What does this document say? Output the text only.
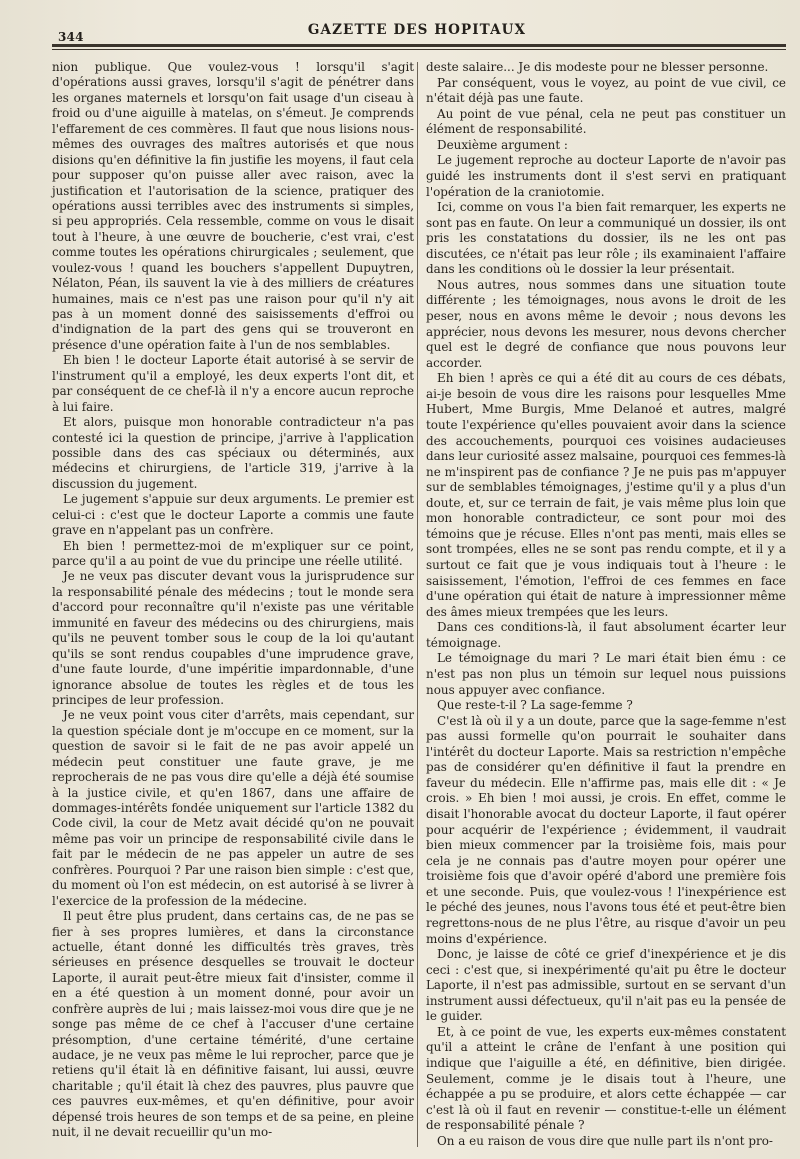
344	GAZETTE DES HOPITAUX

nion publique. Que voulez-vous ! lorsqu'il s'agit d'opérations aussi graves, lorsqu'il s'agit de pénétrer dans les organes maternels et lorsqu'on fait usage d'un ciseau à froid ou d'une aiguille à matelas, on s'émeut. Je comprends l'effarement de ces commères. Il faut que nous lisions nous-mêmes des ouvrages des maîtres autorisés et que nous disions qu'en définitive la fin justifie les moyens, il faut cela pour supposer qu'on puisse aller avec raison, avec la justification et l'autorisation de la science, pratiquer des opérations aussi terribles avec des instruments si simples, si peu appropriés. Cela ressemble, comme on vous le disait tout à l'heure, à une œuvre de boucherie, c'est vrai, c'est comme toutes les opérations chirurgicales ; seulement, que voulez-vous ! quand les bouchers s'appellent Dupuytren, Nélaton, Péan, ils sauvent la vie à des milliers de créatures humaines, mais ce n'est pas une raison pour qu'il n'y ait pas à un moment donné des saisissements d'effroi ou d'indignation de la part des gens qui se trouveront en présence d'une opération faite à l'un de nos semblables.

Eh bien ! le docteur Laporte était autorisé à se servir de l'instrument qu'il a employé, les deux experts l'ont dit, et par conséquent de ce chef-là il n'y a encore aucun reproche à lui faire.

Et alors, puisque mon honorable contradicteur n'a pas contesté ici la question de principe, j'arrive à l'application possible dans des cas spéciaux ou déterminés, aux médecins et chirurgiens, de l'article 319, j'arrive à la discussion du jugement.

Le jugement s'appuie sur deux arguments. Le premier est celui-ci : c'est que le docteur Laporte a commis une faute grave en n'appelant pas un confrère.

Eh bien ! permettez-moi de m'expliquer sur ce point, parce qu'il a au point de vue du principe une réelle utilité.

Je ne veux pas discuter devant vous la jurisprudence sur la responsabilité pénale des médecins ; tout le monde sera d'accord pour reconnaître qu'il n'existe pas une véritable immunité en faveur des médecins ou des chirurgiens, mais qu'ils ne peuvent tomber sous le coup de la loi qu'autant qu'ils se sont rendus coupables d'une imprudence grave, d'une faute lourde, d'une impéritie impardonnable, d'une ignorance absolue de toutes les règles et de tous les principes de leur profession.

Je ne veux point vous citer d'arrêts, mais cependant, sur la question spéciale dont je m'occupe en ce moment, sur la question de savoir si le fait de ne pas avoir appelé un médecin peut constituer une faute grave, je me reprocherais de ne pas vous dire qu'elle a déjà été soumise à la justice civile, et qu'en 1867, dans une affaire de dommages-intérêts fondée uniquement sur l'article 1382 du Code civil, la cour de Metz avait décidé qu'on ne pouvait même pas voir un principe de responsabilité civile dans le fait par le médecin de ne pas appeler un autre de ses confrères. Pourquoi ? Par une raison bien simple : c'est que, du moment où l'on est médecin, on est autorisé à se livrer à l'exercice de la profession de la médecine.

Il peut être plus prudent, dans certains cas, de ne pas se fier à ses propres lumières, et dans la circonstance actuelle, étant donné les difficultés très graves, très sérieuses en présence desquelles se trouvait le docteur Laporte, il aurait peut-être mieux fait d'insister, comme il en a été question à un moment donné, pour avoir un confrère auprès de lui ; mais laissez-moi vous dire que je ne songe pas même de ce chef à l'accuser d'une certaine présomption, d'une certaine témérité, d'une certaine audace, je ne veux pas même le lui reprocher, parce que je retiens qu'il était là en définitive faisant, lui aussi, œuvre charitable ; qu'il était là chez des pauvres, plus pauvre que ces pauvres eux-mêmes, et qu'en définitive, pour avoir dépensé trois heures de son temps et de sa peine, en pleine nuit, il ne devait recueillir qu'un mo-

deste salaire... Je dis modeste pour ne blesser personne.

Par conséquent, vous le voyez, au point de vue civil, ce n'était déjà pas une faute.

Au point de vue pénal, cela ne peut pas constituer un élément de responsabilité.

Deuxième argument :

Le jugement reproche au docteur Laporte de n'avoir pas guidé les instruments dont il s'est servi en pratiquant l'opération de la craniotomie.

Ici, comme on vous l'a bien fait remarquer, les experts ne sont pas en faute. On leur a communiqué un dossier, ils ont pris les constatations du dossier, ils ne les ont pas discutées, ce n'était pas leur rôle ; ils examinaient l'affaire dans les conditions où le dossier la leur présentait.

Nous autres, nous sommes dans une situation toute différente ; les témoignages, nous avons le droit de les peser, nous en avons même le devoir ; nous devons les apprécier, nous devons les mesurer, nous devons chercher quel est le degré de confiance que nous pouvons leur accorder.

Eh bien ! après ce qui a été dit au cours de ces débats, ai-je besoin de vous dire les raisons pour lesquelles Mme Hubert, Mme Burgis, Mme Delanoé et autres, malgré toute l'expérience qu'elles pouvaient avoir dans la science des accouchements, pourquoi ces voisines audacieuses dans leur curiosité assez malsaine, pourquoi ces femmes-là ne m'inspirent pas de confiance ? Je ne puis pas m'appuyer sur de semblables témoignages, j'estime qu'il y a plus d'un doute, et, sur ce terrain de fait, je vais même plus loin que mon honorable contradicteur, ce sont pour moi des témoins que je récuse. Elles n'ont pas menti, mais elles se sont trompées, elles ne se sont pas rendu compte, et il y a surtout ce fait que je vous indiquais tout à l'heure : le saisissement, l'émotion, l'effroi de ces femmes en face d'une opération qui était de nature à impressionner même des âmes mieux trempées que les leurs.

Dans ces conditions-là, il faut absolument écarter leur témoignage.

Le témoignage du mari ? Le mari était bien ému : ce n'est pas non plus un témoin sur lequel nous puissions nous appuyer avec confiance.

Que reste-t-il ? La sage-femme ?

C'est là où il y a un doute, parce que la sage-femme n'est pas aussi formelle qu'on pourrait le souhaiter dans l'intérêt du docteur Laporte. Mais sa restriction n'empêche pas de considérer qu'en définitive il faut la prendre en faveur du médecin. Elle n'affirme pas, mais elle dit : « Je crois. » Eh bien ! moi aussi, je crois. En effet, comme le disait l'honorable avocat du docteur Laporte, il faut opérer pour acquérir de l'expérience ; évidemment, il vaudrait bien mieux commencer par la troisième fois, mais pour cela je ne connais pas d'autre moyen pour opérer une troisième fois que d'avoir opéré d'abord une première fois et une seconde. Puis, que voulez-vous ! l'inexpérience est le péché des jeunes, nous l'avons tous été et peut-être bien regrettons-nous de ne plus l'être, au risque d'avoir un peu moins d'expérience.

Donc, je laisse de côté ce grief d'inexpérience et je dis ceci : c'est que, si inexpérimenté qu'ait pu être le docteur Laporte, il n'est pas admissible, surtout en se servant d'un instrument aussi défectueux, qu'il n'ait pas eu la pensée de le guider.

Et, à ce point de vue, les experts eux-mêmes constatent qu'il a atteint le crâne de l'enfant à une position qui indique que l'aiguille a été, en définitive, bien dirigée. Seulement, comme je le disais tout à l'heure, une échappée a pu se produire, et alors cette échappée — car c'est là où il faut en revenir — constitue-t-elle un élément de responsabilité pénale ?

On a eu raison de vous dire que nulle part ils n'ont pro-
